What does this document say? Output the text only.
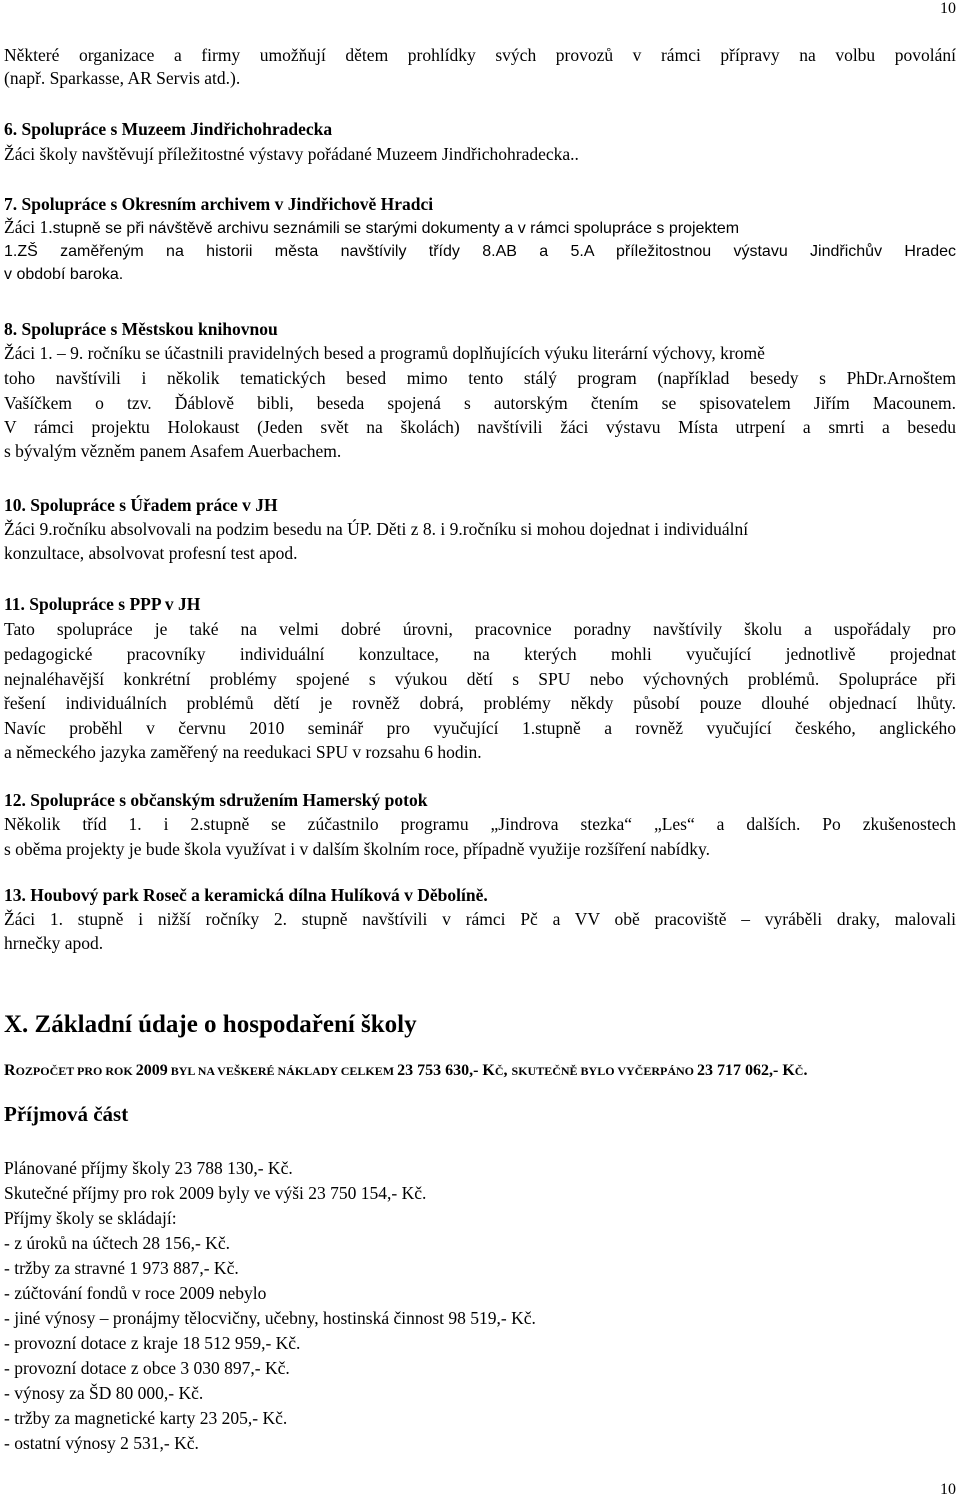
10
Některé organizace a firmy umožňují dětem prohlídky svých provozů v rámci přípravy na volbu povolání
(např. Sparkasse, AR Servis atd.).
6. Spolupráce s Muzeem Jindřichohradecka
Žáci školy navštěvují příležitostné výstavy pořádané Muzeem Jindřichohradecka..
7. Spolupráce s Okresním archivem v Jindřichově Hradci
Žáci 1.stupně se při návštěvě archivu seznámili se starými dokumenty a v rámci spolupráce s projektem
1.ZŠ zaměřeným na historii města navštívily třídy 8.AB a 5.A příležitostnou výstavu Jindřichův Hradec
v období baroka.
8. Spolupráce s Městskou knihovnou
Žáci 1. – 9. ročníku se účastnili pravidelných besed a programů doplňujících výuku literární výchovy, kromě
toho navštívili i několik tematických besed mimo tento stálý program (například besedy s PhDr.Arnoštem
Vašíčkem o tzv. Ďáblově bibli, beseda spojená s autorským čtením se spisovatelem Jiřím Macounem.
V rámci projektu Holokaust (Jeden svět na školách) navštívili žáci výstavu Místa utrpení a smrti a besedu
s bývalým vězněm panem Asafem Auerbachem.
10. Spolupráce s Úřadem práce v JH
Žáci 9.ročníku absolvovali na podzim besedu na ÚP. Děti z 8. i 9.ročníku si mohou dojednat i individuální
konzultace, absolvovat profesní test apod.
11. Spolupráce s PPP v JH
Tato spolupráce je také na velmi dobré úrovni, pracovnice poradny navštívily školu a uspořádaly pro
pedagogické pracovníky individuální konzultace, na kterých mohli vyučující jednotlivě projednat
nejnaléhavější konkrétní problémy spojené s výukou dětí s SPU nebo výchovných problémů. Spolupráce při
řešení individuálních problémů dětí je rovněž dobrá, problémy někdy působí pouze dlouhé objednací lhůty.
Navíc proběhl v červnu 2010 seminář pro vyučující 1.stupně a rovněž vyučující českého, anglického
a německého jazyka zaměřený na reedukaci SPU v rozsahu 6 hodin.
12. Spolupráce s občanským sdružením Hamerský potok
Několik tříd 1. i 2.stupně se zúčastnilo programu „Jindrova stezka“ „Les“ a dalších. Po zkušenostech
s oběma projekty je bude škola využívat i v dalším školním roce, případně využije rozšíření nabídky.
13. Houbový park Roseč a keramická dílna Hulíková v Děbolíně.
Žáci 1. stupně i nižší ročníky 2. stupně navštívili v rámci Pč a VV obě pracoviště – vyráběli draky, malovali
hrnečky apod.
X. Základní údaje o hospodaření školy
ROZPOČET PRO ROK 2009 BYL NA VEŠKERÉ NÁKLADY CELKEM 23 753 630,- KČ, SKUTEČNĚ BYLO VYČERPÁNO 23 717 062,- KČ.
Příjmová část
Plánované příjmy školy 23 788 130,- Kč.
Skutečné příjmy pro rok 2009 byly ve výši 23 750 154,- Kč.
Příjmy školy se skládají:
- z úroků na účtech 28 156,- Kč.
- tržby za stravné 1 973 887,- Kč.
- zúčtování fondů v roce 2009 nebylo
- jiné výnosy – pronájmy tělocvičny, učebny, hostinská činnost 98 519,- Kč.
- provozní dotace z kraje 18 512 959,- Kč.
- provozní dotace z obce 3 030 897,- Kč.
- výnosy za ŠD 80 000,- Kč.
- tržby za magnetické karty 23 205,- Kč.
- ostatní výnosy 2 531,- Kč.
10
